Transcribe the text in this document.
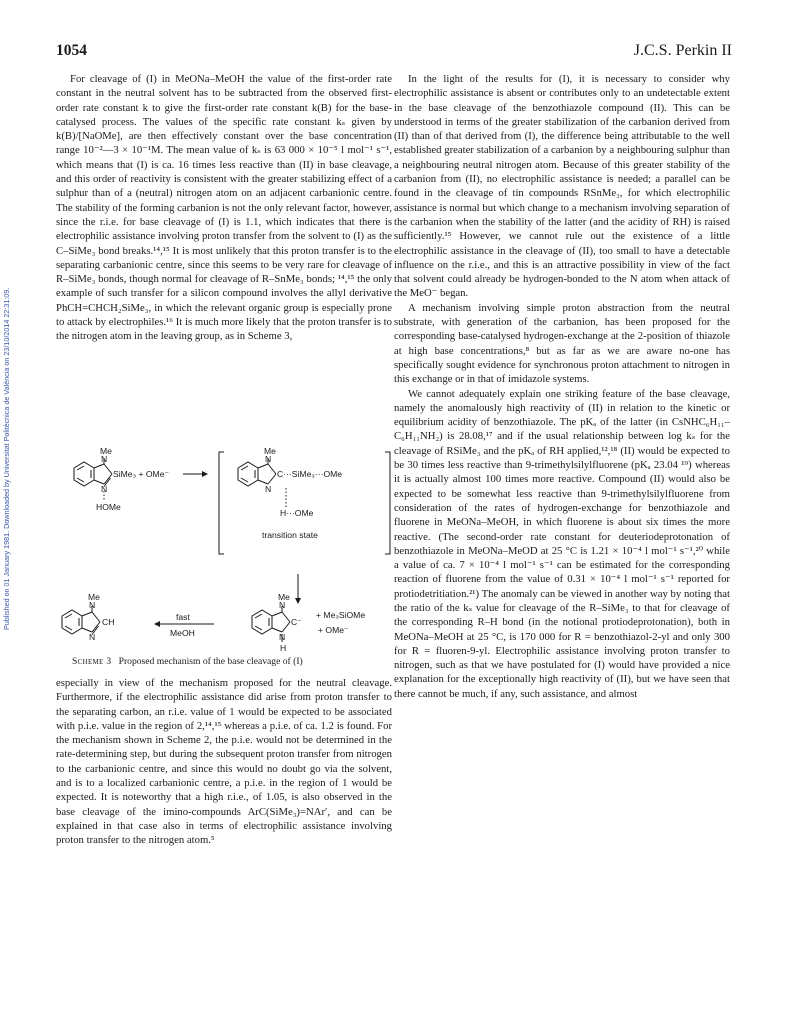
Published on 01 January 1981. Downloaded by Universitat Politècnica de València on 23/10/2014 22:31:09.
1054	J.C.S. Perkin II

For cleavage of (I) in MeONa–MeOH the value of the first-order rate constant in the neutral solvent has to be subtracted from the observed first-order rate constant k to give the first-order rate constant k(B) for the base-catalysed process. The values of the specific rate constant kₛ given by k(B)/[NaOMe], are then effectively constant over the base concentration range 10⁻²—3 × 10⁻¹M. The mean value of kₛ is 63 000 × 10⁻⁵ l mol⁻¹ s⁻¹, which means that (I) is ca. 16 times less reactive than (II) in base cleavage, and this order of reactivity is consistent with the greater stabilizing effect of a sulphur than of a (neutral) nitrogen atom on an adjacent carbanionic centre. The stability of the forming carbanion is not the only relevant factor, however, since the r.i.e. for base cleavage of (I) is 1.1, which indicates that there is electrophilic assistance involving proton transfer from the solvent to (I) as the C–SiMe₃ bond breaks.¹⁴,¹⁵ It is most unlikely that this proton transfer is to the separating carbanionic centre, since this seems to be very rare for cleavage of R–SiMe₃ bonds, though normal for cleavage of R–SnMe₃ bonds; ¹⁴,¹⁵ the only example of such transfer for a silicon compound involves the allyl derivative PhCH=CHCH₂SiMe₃, in which the relevant organic group is especially prone to attack by electrophiles.¹⁶ It is much more likely that the proton transfer is to the nitrogen atom in the leaving group, as in Scheme 3,

Me
N
SiMe₃ + OMe⁻
N
HOMe
Me
N
C···SiMe₃···OMe
N
H···OMe
transition state
Me
N
C⁻
N
H
+ Me₃SiOMe
+ OMe⁻
fast
MeOH
Me
N
CH
N
Scheme 3 Proposed mechanism of the base cleavage of (I)

especially in view of the mechanism proposed for the neutral cleavage. Furthermore, if the electrophilic assistance did arise from proton transfer to the separating carbon, an r.i.e. value of 1 would be expected to be associated with p.i.e. value in the region of 2,¹⁴,¹⁵ whereas a p.i.e. of ca. 1.2 is found. For the mechanism shown in Scheme 2, the p.i.e. would not be determined in the rate-determining step, but during the subsequent proton transfer from nitrogen to the carbanionic centre, and since this would no doubt go via the solvent, and is to a localized carbanionic centre, a p.i.e. in the region of 1 would be expected. It is noteworthy that a high r.i.e., of 1.05, is also observed in the base cleavage of the imino-compounds ArC(SiMe₃)=NAr′, and can be explained in that case also in terms of electrophilic assistance involving proton transfer to the nitrogen atom.⁵

In the light of the results for (I), it is necessary to consider why electrophilic assistance is absent or contributes only to an undetectable extent in the base cleavage of the benzothiazole compound (II). This can be understood in terms of the greater stabilization of the carbanion derived from (II) than of that derived from (I), the difference being attributable to the well established greater stabilization of a carbanion by a neighbouring sulphur than a neighbouring neutral nitrogen atom. Because of this greater stability of the carbanion from (II), no electrophilic assistance is needed; a parallel can be found in the cleavage of tin compounds RSnMe₃, for which electrophilic assistance is normal but which change to a mechanism involving separation of the carbanion when the stability of the latter (and the acidity of RH) is raised sufficiently.¹⁵ However, we cannot rule out the existence of a little electrophilic assistance in the cleavage of (II), too small to have a detectable influence on the r.i.e., and this is an attractive possibility in view of the fact that solvent could already be hydrogen-bonded to the N atom when attack of the MeO⁻ began.

A mechanism involving simple proton abstraction from the neutral substrate, with generation of the carbanion, has been proposed for the corresponding base-catalysed hydrogen-exchange at the 2-position of thiazole at high base concentrations,⁸ but as far as we are aware no-one has specifically sought evidence for synchronous proton attachment to nitrogen in this exchange or in that of imidazole systems.

We cannot adequately explain one striking feature of the base cleavage, namely the anomalously high reactivity of (II) in relation to the kinetic or equilibrium acidity of benzothiazole. The pKₐ of the latter (in CsNHC₆H₁₁–C₆H₁₁NH₂) is 28.08,¹⁷ and if the usual relationship between log kₛ for the cleavage of RSiMe₃ and the pKₐ of RH applied,¹²,¹⁸ (II) would be expected to be 30 times less reactive than 9-trimethylsilylfluorene (pKₐ 23.04 ¹⁹) whereas it is actually almost 100 times more reactive. Compound (II) would also be expected to be somewhat less reactive than 9-trimethylsilylfluorene from consideration of the rates of hydrogen-exchange for benzothiazole and fluorene in MeONa–MeOH, in which fluorene is about six times the more reactive. (The second-order rate constant for deuteriodeprotonation of benzothiazole in MeONa–MeOD at 25 °C is 1.21 × 10⁻⁴ l mol⁻¹ s⁻¹,²⁰ while a value of ca. 7 × 10⁻⁴ l mol⁻¹ s⁻¹ can be estimated for the corresponding reaction of fluorene from the value of 0.31 × 10⁻⁴ l mol⁻¹ s⁻¹ reported for protiodetritiation.²¹) The anomaly can be viewed in another way by noting that the ratio of the kₛ value for cleavage of the R–SiMe₃ to that for cleavage of the corresponding R–H bond (in the notional protiodeprotonation), both in MeONa–MeOH at 25 °C, is 170 000 for R = benzothiazol-2-yl and only 300 for R = fluoren-9-yl. Electrophilic assistance involving proton transfer to nitrogen, such as that we have postulated for (I) would have provided a nice explanation for the exceptionally high reactivity of (II), but we have seen that there cannot be much, if any, such assistance, and almost
